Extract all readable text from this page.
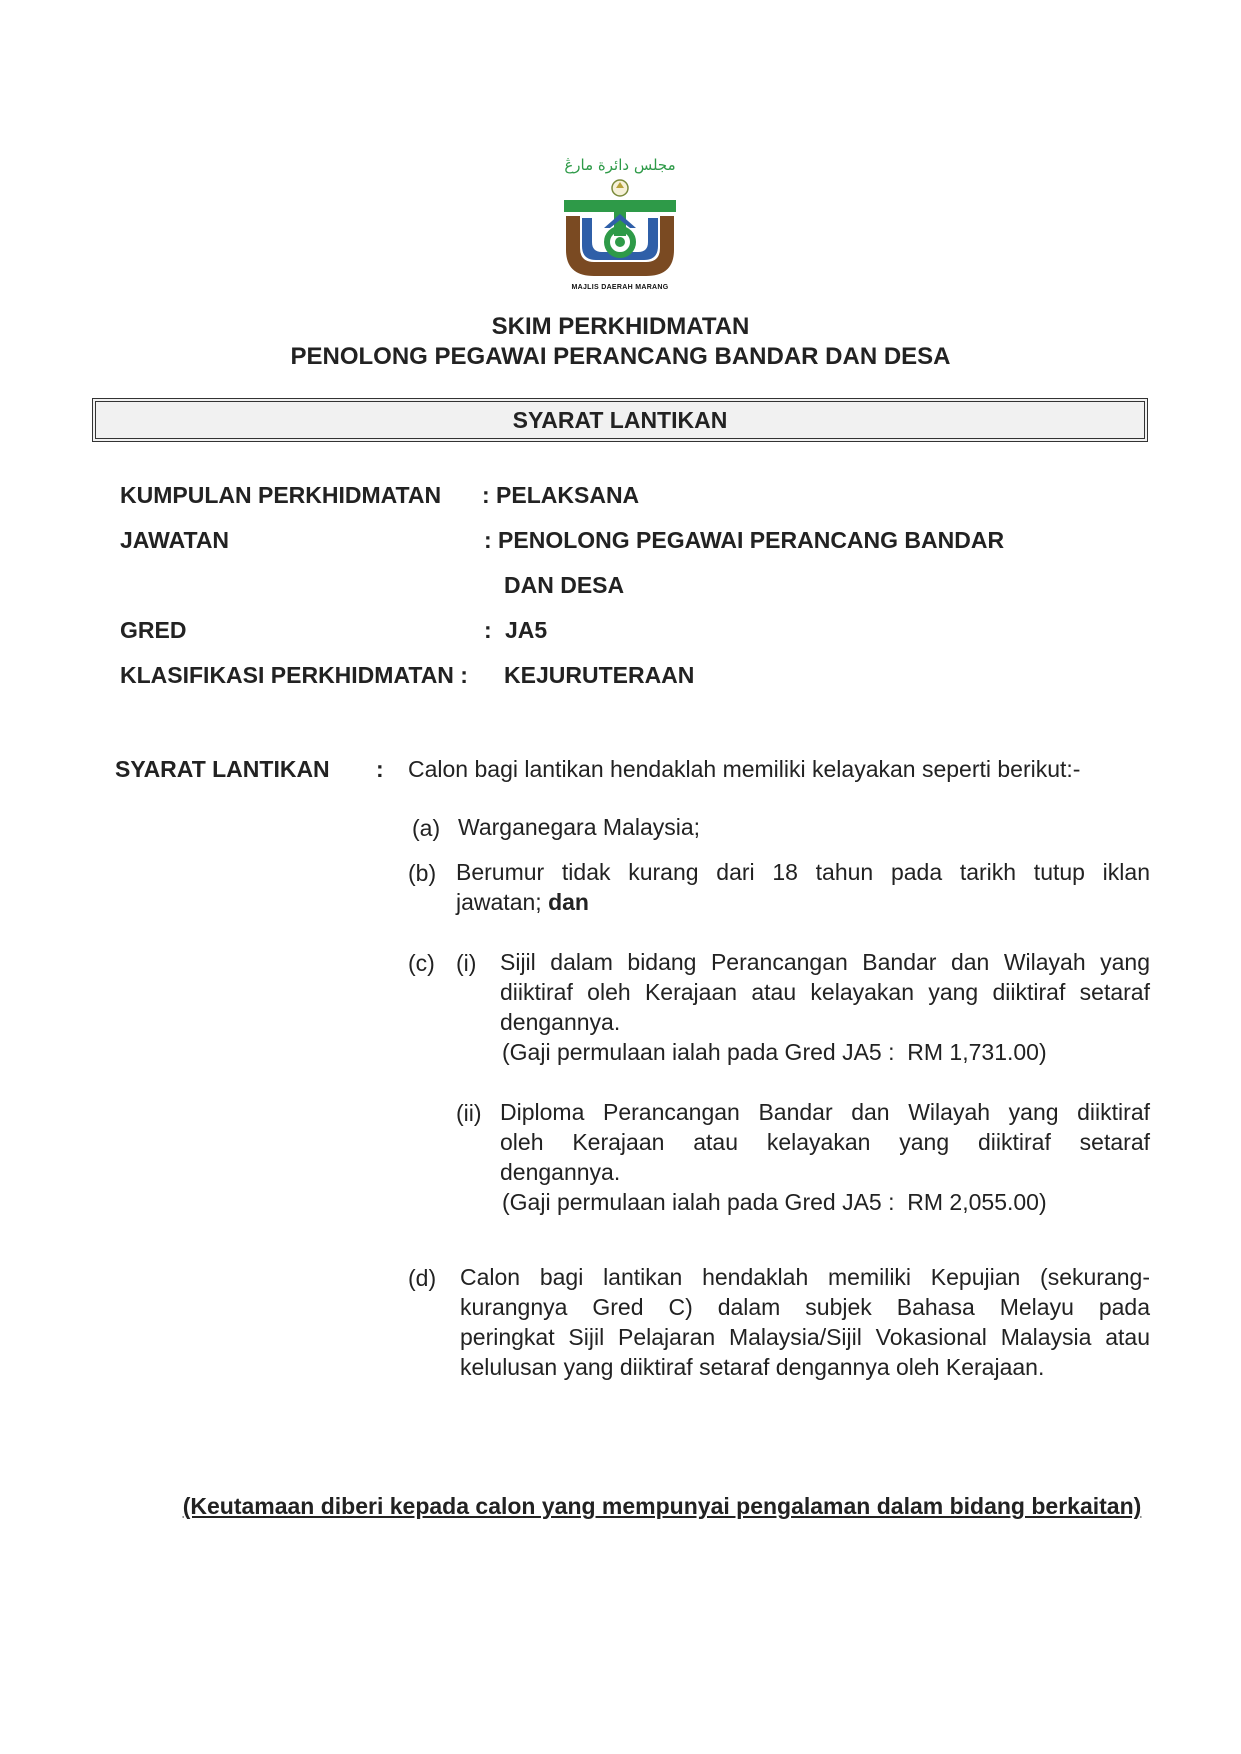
مجلس دائرة مارڠ
MAJLIS DAERAH MARANG
SKIM PERKHIDMATAN
PENOLONG PEGAWAI PERANCANG BANDAR DAN DESA
SYARAT LANTIKAN
KUMPULAN PERKHIDMATAN : PELAKSANA
JAWATAN	: PENOLONG PEGAWAI PERANCANG BANDAR
DAN DESA
GRED	: JA5
KLASIFIKASI PERKHIDMATAN : KEJURUTERAAN
SYARAT LANTIKAN : Calon bagi lantikan hendaklah memiliki kelayakan seperti berikut:-
(a) Warganegara Malaysia;
(b) Berumur tidak kurang dari 18 tahun pada tarikh tutup iklan
jawatan; dan
(c) (i) Sijil dalam bidang Perancangan Bandar dan Wilayah yang
diiktiraf oleh Kerajaan atau kelayakan yang diiktiraf setaraf
dengannya.
(Gaji permulaan ialah pada Gred JA5 :  RM 1,731.00)
(ii) Diploma Perancangan Bandar dan Wilayah yang diiktiraf
oleh Kerajaan atau kelayakan yang diiktiraf setaraf
dengannya.
(Gaji permulaan ialah pada Gred JA5 :  RM 2,055.00)
(d) Calon bagi lantikan hendaklah memiliki Kepujian (sekurang-
kurangnya Gred C) dalam subjek Bahasa Melayu pada
peringkat Sijil Pelajaran Malaysia/Sijil Vokasional Malaysia atau
kelulusan yang diiktiraf setaraf dengannya oleh Kerajaan.
(Keutamaan diberi kepada calon yang mempunyai pengalaman dalam bidang berkaitan)
